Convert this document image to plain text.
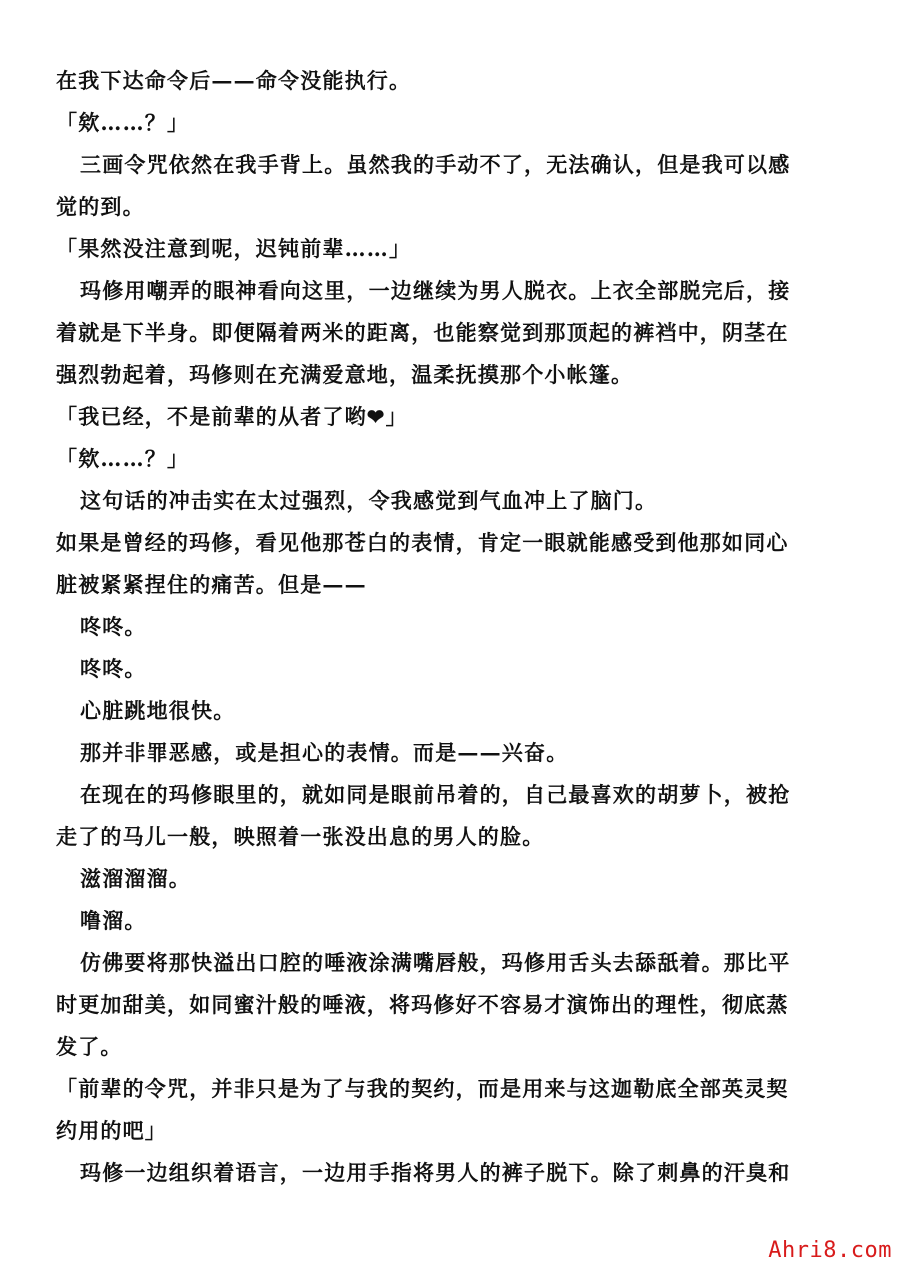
在我下达命令后——命令没能执行。

「欸……？」

三画令咒依然在我手背上。虽然我的手动不了，无法确认，但是我可以感
觉的到。

「果然没注意到呢，迟钝前辈……」

玛修用嘲弄的眼神看向这里，一边继续为男人脱衣。上衣全部脱完后，接
着就是下半身。即便隔着两米的距离，也能察觉到那顶起的裤裆中，阴茎在
强烈勃起着，玛修则在充满爱意地，温柔抚摸那个小帐篷。

「我已经，不是前辈的从者了哟❤」

「欸……？」

这句话的冲击实在太过强烈，令我感觉到气血冲上了脑门。

如果是曾经的玛修，看见他那苍白的表情，肯定一眼就能感受到他那如同心
脏被紧紧捏住的痛苦。但是——

咚咚。

咚咚。

心脏跳地很快。

那并非罪恶感，或是担心的表情。而是——兴奋。

在现在的玛修眼里的，就如同是眼前吊着的，自己最喜欢的胡萝卜，被抢
走了的马儿一般，映照着一张没出息的男人的脸。

滋溜溜溜。

噜溜。

仿佛要将那快溢出口腔的唾液涂满嘴唇般，玛修用舌头去舔舐着。那比平
时更加甜美，如同蜜汁般的唾液，将玛修好不容易才演饰出的理性，彻底蒸
发了。

「前辈的令咒，并非只是为了与我的契约，而是用来与这迦勒底全部英灵契
约用的吧」

玛修一边组织着语言，一边用手指将男人的裤子脱下。除了刺鼻的汗臭和

Ahri8.com
